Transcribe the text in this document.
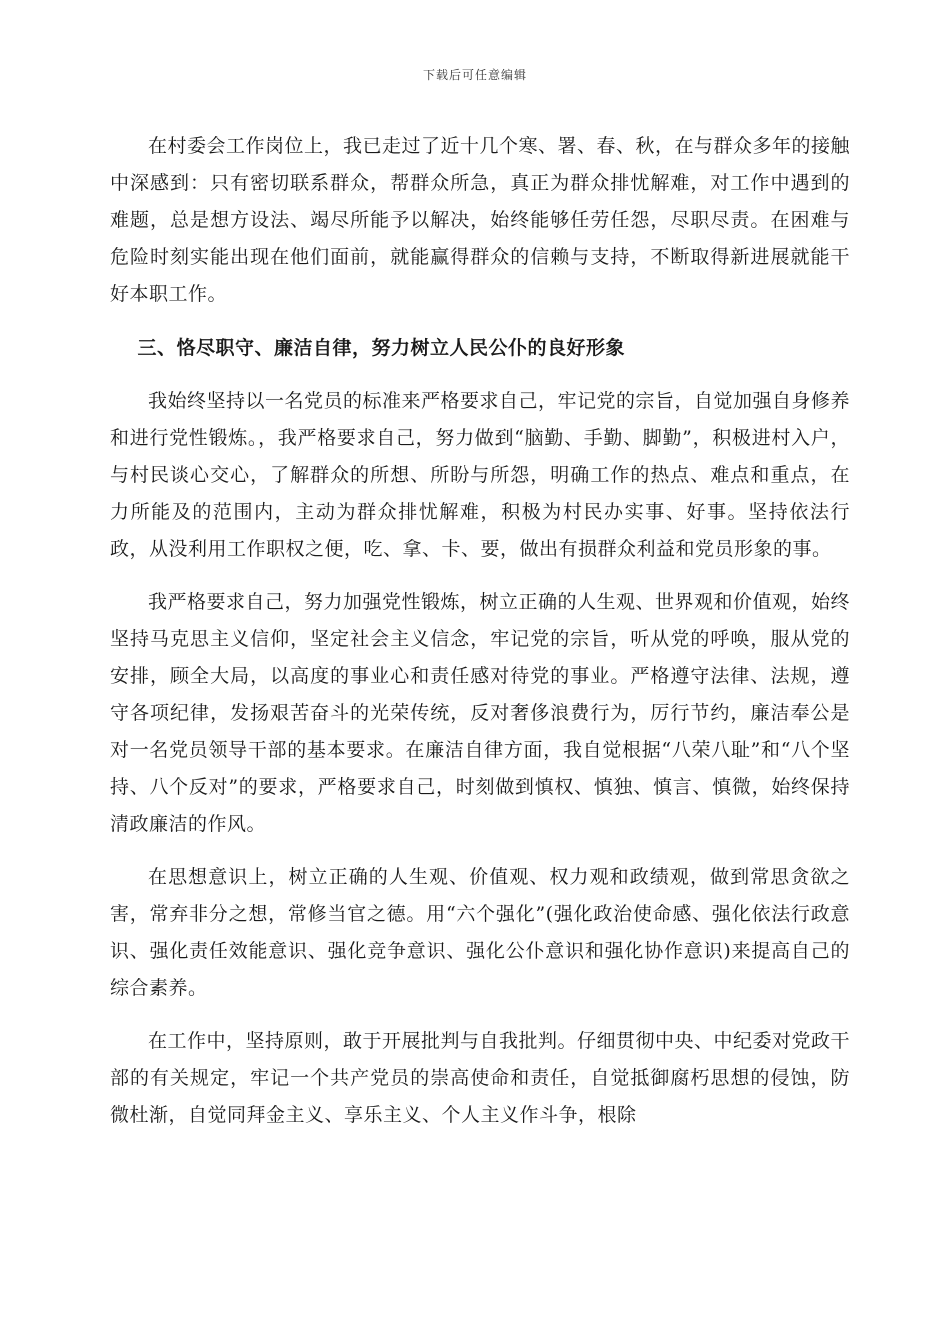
下载后可任意编辑

在村委会工作岗位上，我已走过了近十几个寒、署、春、秋，在与群众多年的接触中深感到：只有密切联系群众，帮群众所急，真正为群众排忧解难，对工作中遇到的难题，总是想方设法、竭尽所能予以解决，始终能够任劳任怨，尽职尽责。在困难与危险时刻实能出现在他们面前，就能赢得群众的信赖与支持，不断取得新进展就能干好本职工作。

三、恪尽职守、廉洁自律，努力树立人民公仆的良好形象

我始终坚持以一名党员的标准来严格要求自己，牢记党的宗旨，自觉加强自身修养和进行党性锻炼。，我严格要求自己，努力做到“脑勤、手勤、脚勤”，积极进村入户，与村民谈心交心，了解群众的所想、所盼与所怨，明确工作的热点、难点和重点，在力所能及的范围内，主动为群众排忧解难，积极为村民办实事、好事。坚持依法行政，从没利用工作职权之便，吃、拿、卡、要，做出有损群众利益和党员形象的事。

我严格要求自己，努力加强党性锻炼，树立正确的人生观、世界观和价值观，始终坚持马克思主义信仰，坚定社会主义信念，牢记党的宗旨，听从党的呼唤，服从党的安排，顾全大局，以高度的事业心和责任感对待党的事业。严格遵守法律、法规，遵守各项纪律，发扬艰苦奋斗的光荣传统，反对奢侈浪费行为，厉行节约，廉洁奉公是对一名党员领导干部的基本要求。在廉洁自律方面，我自觉根据“八荣八耻”和“八个坚持、八个反对”的要求，严格要求自己，时刻做到慎权、慎独、慎言、慎微，始终保持清政廉洁的作风。

在思想意识上，树立正确的人生观、价值观、权力观和政绩观，做到常思贪欲之害，常弃非分之想，常修当官之德。用“六个强化”(强化政治使命感、强化依法行政意识、强化责任效能意识、强化竞争意识、强化公仆意识和强化协作意识)来提高自己的综合素养。

在工作中，坚持原则，敢于开展批判与自我批判。仔细贯彻中央、中纪委对党政干部的有关规定，牢记一个共产党员的崇高使命和责任，自觉抵御腐朽思想的侵蚀，防微杜渐，自觉同拜金主义、享乐主义、个人主义作斗争，根除
